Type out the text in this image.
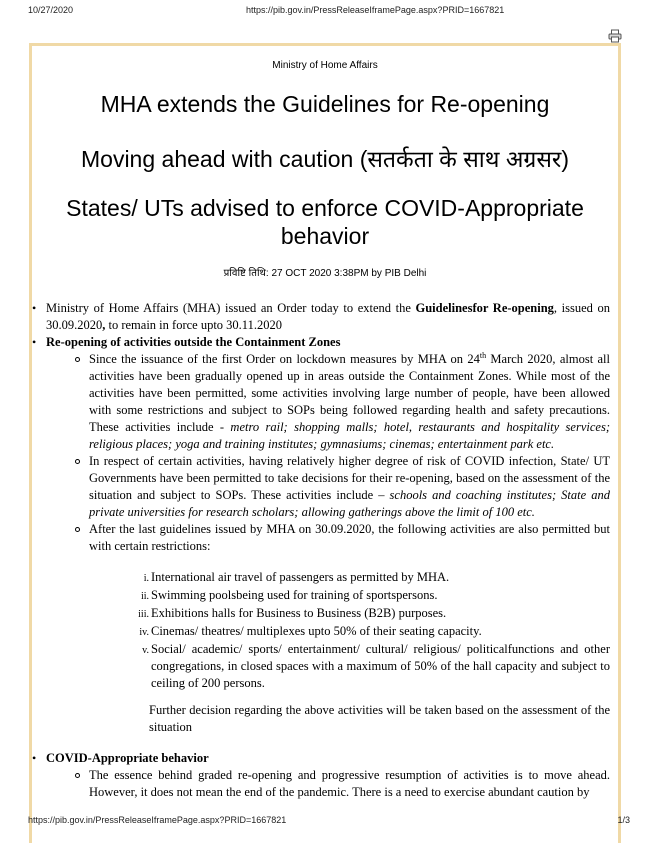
10/27/2020	https://pib.gov.in/PressReleaseIframePage.aspx?PRID=1667821
Ministry of Home Affairs
MHA extends the Guidelines for Re-opening
Moving ahead with caution (सतर्कता के साथ अग्रसर)
States/ UTs advised to enforce COVID-Appropriate behavior
प्रविष्टि तिथि: 27 OCT 2020 3:38PM by PIB Delhi
• Ministry of Home Affairs (MHA) issued an Order today to extend the Guidelinesfor Re-opening, issued on 30.09.2020, to remain in force upto 30.11.2020
• Re-opening of activities outside the Containment Zones
Since the issuance of the first Order on lockdown measures by MHA on 24th March 2020, almost all activities have been gradually opened up in areas outside the Containment Zones. While most of the activities have been permitted, some activities involving large number of people, have been allowed with some restrictions and subject to SOPs being followed regarding health and safety precautions. These activities include - metro rail; shopping malls; hotel, restaurants and hospitality services; religious places; yoga and training institutes; gymnasiums; cinemas; entertainment park etc.
In respect of certain activities, having relatively higher degree of risk of COVID infection, State/ UT Governments have been permitted to take decisions for their re-opening, based on the assessment of the situation and subject to SOPs. These activities include – schools and coaching institutes; State and private universities for research scholars; allowing gatherings above the limit of 100 etc.
After the last guidelines issued by MHA on 30.09.2020, the following activities are also permitted but with certain restrictions:
i. International air travel of passengers as permitted by MHA.
ii. Swimming poolsbeing used for training of sportspersons.
iii. Exhibitions halls for Business to Business (B2B) purposes.
iv. Cinemas/ theatres/ multiplexes upto 50% of their seating capacity.
v. Social/ academic/ sports/ entertainment/ cultural/ religious/ politicalfunctions and other congregations, in closed spaces with a maximum of 50% of the hall capacity and subject to ceiling of 200 persons.
Further decision regarding the above activities will be taken based on the assessment of the situation
• COVID-Appropriate behavior
The essence behind graded re-opening and progressive resumption of activities is to move ahead. However, it does not mean the end of the pandemic. There is a need to exercise abundant caution by
https://pib.gov.in/PressReleaseIframePage.aspx?PRID=1667821	1/3
